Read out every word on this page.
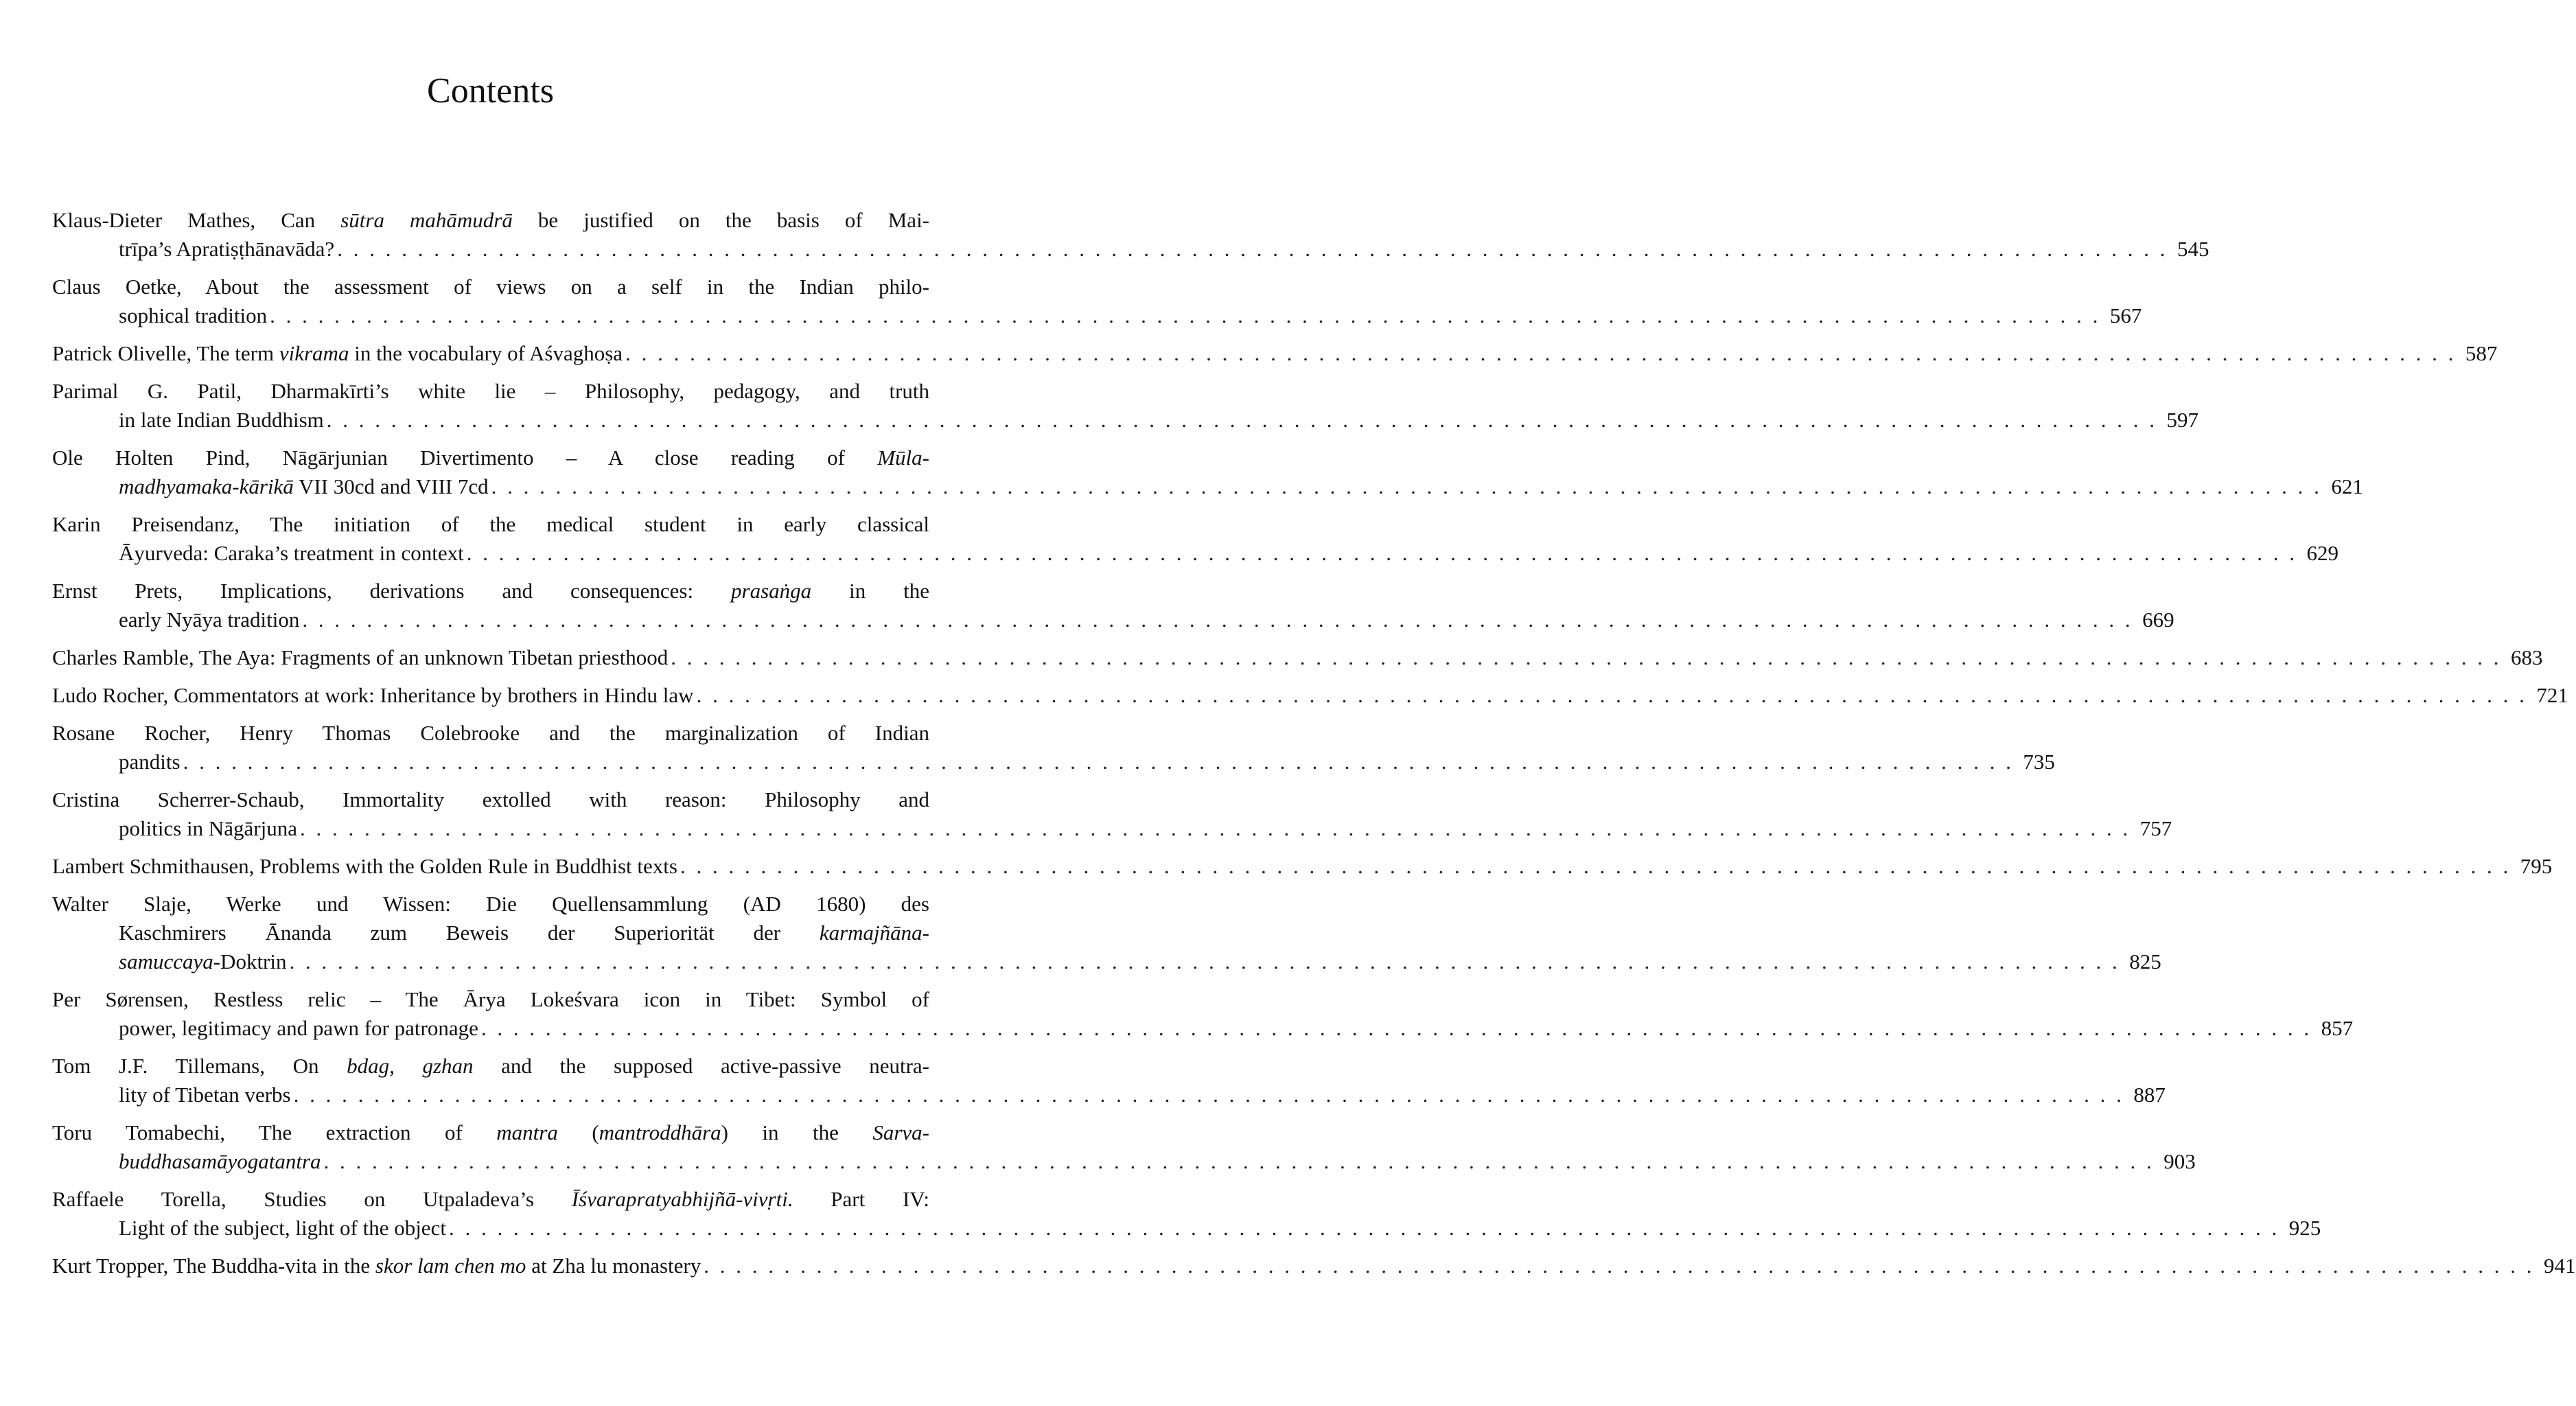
Contents
Klaus-Dieter Mathes, Can sūtra mahāmudrā be justified on the basis of Mai-
trīpa’s Apratiṣṭhānavāda? . . . . . . . . . . . . . . . . . . . . . . . . . . . . . . . . . . . . . . . . . . . . . . . . . . . . . . . . . . . . . . . . . . . . . . . . . . . . . . . . . . . . . . . . . . . . . . . . . . . . . . . . . . . . . . . . . . 545
Claus Oetke, About the assessment of views on a self in the Indian philo-
sophical tradition . . . . . . . . . . . . . . . . . . . . . . . . . . . . . . . . . . . . . . . . . . . . . . . . . . . . . . . . . . . . . . . . . . . . . . . . . . . . . . . . . . . . . . . . . . . . . . . . . . . . . . . . . . . . . . . . . . 567
Patrick Olivelle, The term vikrama in the vocabulary of Aśvaghoṣa . . . . . . . . . . . . . . . . . . . . . . . . . . . . . . . . . . . . . . . . . . . . . . . . . . . . . . . . . . . . . . . . . . . . . . . . . . . . . . . . . . . . . . . . . . . . . . . . . . . . . . . . . . . . . . . . . . 587
Parimal G. Patil, Dharmakīrti’s white lie – Philosophy, pedagogy, and truth
in late Indian Buddhism . . . . . . . . . . . . . . . . . . . . . . . . . . . . . . . . . . . . . . . . . . . . . . . . . . . . . . . . . . . . . . . . . . . . . . . . . . . . . . . . . . . . . . . . . . . . . . . . . . . . . . . . . . . . . . . . . . 597
Ole Holten Pind, Nāgārjunian Divertimento – A close reading of Mūla-
madhyamaka-kārikā VII 30cd and VIII 7cd . . . . . . . . . . . . . . . . . . . . . . . . . . . . . . . . . . . . . . . . . . . . . . . . . . . . . . . . . . . . . . . . . . . . . . . . . . . . . . . . . . . . . . . . . . . . . . . . . . . . . . . . . . . . . . . . . . 621
Karin Preisendanz, The initiation of the medical student in early classical
Āyurveda: Caraka’s treatment in context . . . . . . . . . . . . . . . . . . . . . . . . . . . . . . . . . . . . . . . . . . . . . . . . . . . . . . . . . . . . . . . . . . . . . . . . . . . . . . . . . . . . . . . . . . . . . . . . . . . . . . . . . . . . . . . . . . 629
Ernst Prets, Implications, derivations and consequences: prasaṅga in the
early Nyāya tradition . . . . . . . . . . . . . . . . . . . . . . . . . . . . . . . . . . . . . . . . . . . . . . . . . . . . . . . . . . . . . . . . . . . . . . . . . . . . . . . . . . . . . . . . . . . . . . . . . . . . . . . . . . . . . . . . . . 669
Charles Ramble, The Aya: Fragments of an unknown Tibetan priesthood . . . . . . . . . . . . . . . . . . . . . . . . . . . . . . . . . . . . . . . . . . . . . . . . . . . . . . . . . . . . . . . . . . . . . . . . . . . . . . . . . . . . . . . . . . . . . . . . . . . . . . . . . . . . . . . . . . 683
Ludo Rocher, Commentators at work: Inheritance by brothers in Hindu law . . . . . . . . . . . . . . . . . . . . . . . . . . . . . . . . . . . . . . . . . . . . . . . . . . . . . . . . . . . . . . . . . . . . . . . . . . . . . . . . . . . . . . . . . . . . . . . . . . . . . . . . . . . . . . . . . . 721
Rosane Rocher, Henry Thomas Colebrooke and the marginalization of Indian
pandits . . . . . . . . . . . . . . . . . . . . . . . . . . . . . . . . . . . . . . . . . . . . . . . . . . . . . . . . . . . . . . . . . . . . . . . . . . . . . . . . . . . . . . . . . . . . . . . . . . . . . . . . . . . . . . . . . . 735
Cristina Scherrer-Schaub, Immortality extolled with reason: Philosophy and
politics in Nāgārjuna . . . . . . . . . . . . . . . . . . . . . . . . . . . . . . . . . . . . . . . . . . . . . . . . . . . . . . . . . . . . . . . . . . . . . . . . . . . . . . . . . . . . . . . . . . . . . . . . . . . . . . . . . . . . . . . . . . 757
Lambert Schmithausen, Problems with the Golden Rule in Buddhist texts . . . . . . . . . . . . . . . . . . . . . . . . . . . . . . . . . . . . . . . . . . . . . . . . . . . . . . . . . . . . . . . . . . . . . . . . . . . . . . . . . . . . . . . . . . . . . . . . . . . . . . . . . . . . . . . . . . 795
Walter Slaje, Werke und Wissen: Die Quellensammlung (AD 1680) des
Kaschmirers Ānanda zum Beweis der Superiorität der karmajñāna-
samuccaya-Doktrin . . . . . . . . . . . . . . . . . . . . . . . . . . . . . . . . . . . . . . . . . . . . . . . . . . . . . . . . . . . . . . . . . . . . . . . . . . . . . . . . . . . . . . . . . . . . . . . . . . . . . . . . . . . . . . . . . . 825
Per Sørensen, Restless relic – The Ārya Lokeśvara icon in Tibet: Symbol of
power, legitimacy and pawn for patronage . . . . . . . . . . . . . . . . . . . . . . . . . . . . . . . . . . . . . . . . . . . . . . . . . . . . . . . . . . . . . . . . . . . . . . . . . . . . . . . . . . . . . . . . . . . . . . . . . . . . . . . . . . . . . . . . . . 857
Tom J.F. Tillemans, On bdag, gzhan and the supposed active-passive neutra-
lity of Tibetan verbs . . . . . . . . . . . . . . . . . . . . . . . . . . . . . . . . . . . . . . . . . . . . . . . . . . . . . . . . . . . . . . . . . . . . . . . . . . . . . . . . . . . . . . . . . . . . . . . . . . . . . . . . . . . . . . . . . . 887
Toru Tomabechi, The extraction of mantra (mantroddhāra) in the Sarva-
buddhasamāyogatantra . . . . . . . . . . . . . . . . . . . . . . . . . . . . . . . . . . . . . . . . . . . . . . . . . . . . . . . . . . . . . . . . . . . . . . . . . . . . . . . . . . . . . . . . . . . . . . . . . . . . . . . . . . . . . . . . . . 903
Raffaele Torella, Studies on Utpaladeva’s Īśvarapratyabhijñā-vivṛti. Part IV:
Light of the subject, light of the object . . . . . . . . . . . . . . . . . . . . . . . . . . . . . . . . . . . . . . . . . . . . . . . . . . . . . . . . . . . . . . . . . . . . . . . . . . . . . . . . . . . . . . . . . . . . . . . . . . . . . . . . . . . . . . . . . . 925
Kurt Tropper, The Buddha-vita in the skor lam chen mo at Zha lu monastery . . . . . . . . . . . . . . . . . . . . . . . . . . . . . . . . . . . . . . . . . . . . . . . . . . . . . . . . . . . . . . . . . . . . . . . . . . . . . . . . . . . . . . . . . . . . . . . . . . . . . . . . . . . . . . . . . . 941
